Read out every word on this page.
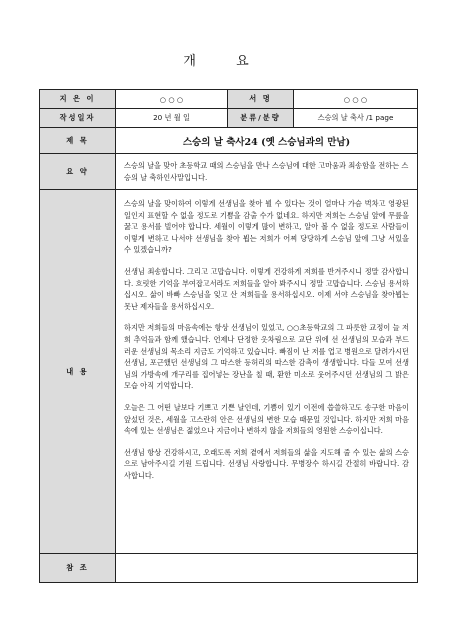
개 요
지 은 이	○ ○ ○	서 명	○ ○ ○
작성일자	20 년 월 일	분류/분량	스승의 날 축사 /1 page
제 목	스승의 날 축사24 (옛 스승님과의 만남)		
요 약	스승의 날을 맞아 초등학교 때의 스승님을 만나 스승님에 대한 고마움과 죄송함을 전하는 스승의 날 축하인사말입니다.		
내 용	스승의 날을 맞이하여 이렇게 선생님을 찾아 뵐 수 있다는 것이 얼마나 가슴 벅차고 영광된 일인지 표현할 수 없을 정도로 기쁨을 감출 수가 없네요. 하지만 저희는 스승님 앞에 무릎을 꿇고 용서를 빌어야 합니다. 세월이 이렇게 많이 변하고, 알아 볼 수 없을 정도로 사람들이 이렇게 변하고 나서야 선생님을 찾아 뵙는 저희가 어찌 당당하게 스승님 앞에 그냥 서있을 수 있겠습니까?

선생님 죄송합니다. 그리고 고맙습니다. 이렇게 건강하게 저희를 반겨주시니 정말 감사합니다. 흐릿한 기억을 부여잡고서라도 저희들을 알아 봐주시니 정말 고맙습니다. 스승님 용서하십시오. 삶이 바빠 스승님을 잊고 산 저희들을 용서하십시오. 이제 서야 스승님을 찾아뵙는 못난 제자들을 용서하십시오.

하지만 저희들의 마음속에는 항상 선생님이 있었고, ○○초등학교의 그 파릇한 교정이 늘 저희 추억들과 함께 했습니다. 언제나 단정한 옷차림으로 교단 위에 선 선생님의 모습과 부드러운 선생님의 목소리 지금도 기억하고 있습니다. 빠짐이 난 저를 업고 병원으로 달려가시던 선생님, 포근했던 선생님의 그 따스한 등허리의 따스한 감촉이 생생합니다. 다들 모여 선생님의 가방속에 개구리를 집어넣는 장난을 칠 때, 환한 미소로 웃어주시던 선생님의 그 밝은 모습 아직 기억합니다.

오늘은 그 어떤 날보다 기쁘고 기쁜 날인데, 기쁨이 있기 이전에 씁쓸하고도 송구한 마음이 앞섰던 것은, 세월을 고스란히 안은 선생님의 변한 모습 때문일 것입니다. 하지만 저희 마음속에 있는 선생님은 젊었으나 지금이나 변하지 않을 저희들의 영원한 스승이십니다.

선생님 항상 건강하시고, 오래도록 저희 곁에서 저희들의 삶을 지도해 줄 수 있는 삶의 스승으로 남아주시길 기원 드립니다. 선생님 사랑합니다. 무병장수 하시길 간절히 바랍니다. 감사합니다.		

참 조			
